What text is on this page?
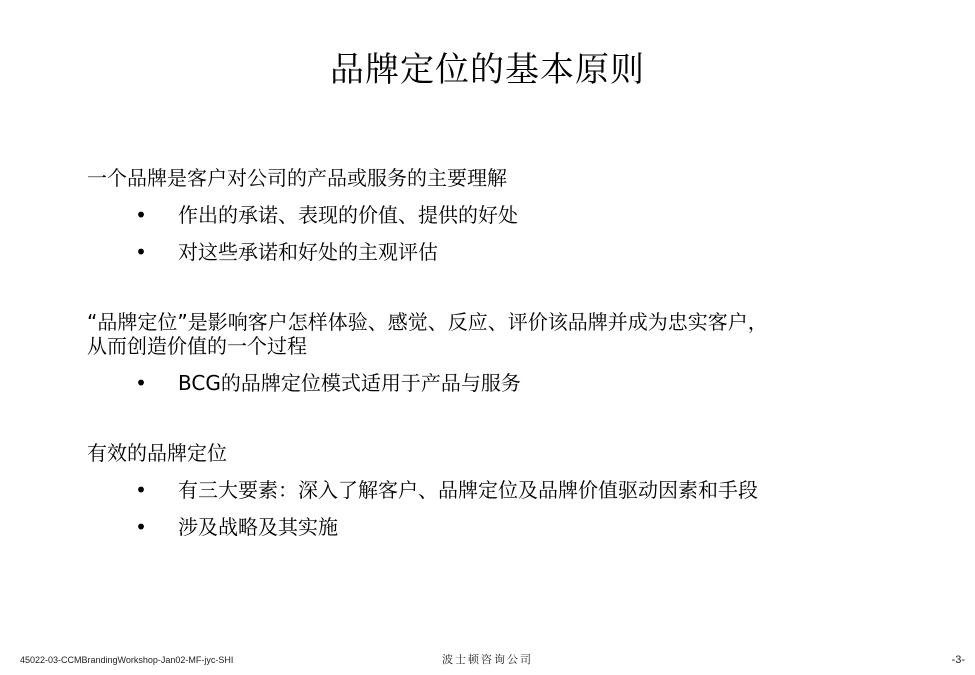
品牌定位的基本原则
一个品牌是客户对公司的产品或服务的主要理解
• 作出的承诺、表现的价值、提供的好处
• 对这些承诺和好处的主观评估
“品牌定位”是影响客户怎样体验、感觉、反应、评价该品牌并成为忠实客户，
从而创造价值的一个过程
• BCG的品牌定位模式适用于产品与服务
有效的品牌定位
• 有三大要素：深入了解客户、品牌定位及品牌价值驱动因素和手段
• 涉及战略及其实施
45022-03-CCMBrandingWorkshop-Jan02-MF-jyc-SHI	波士顿咨询公司	-3-
